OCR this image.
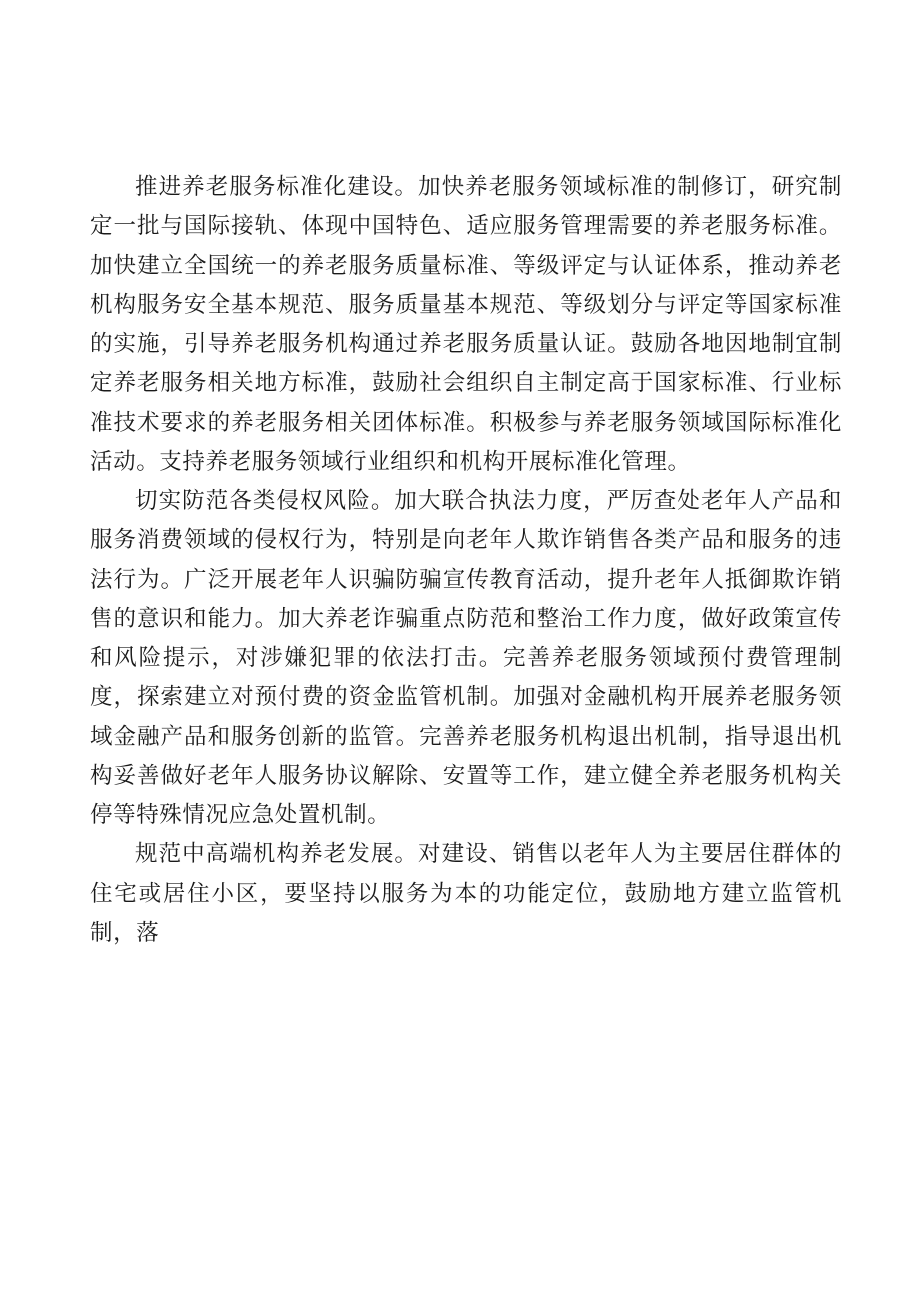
推进养老服务标准化建设。加快养老服务领域标准的制修订，研究制定一批与国际接轨、体现中国特色、适应服务管理需要的养老服务标准。加快建立全国统一的养老服务质量标准、等级评定与认证体系，推动养老机构服务安全基本规范、服务质量基本规范、等级划分与评定等国家标准的实施，引导养老服务机构通过养老服务质量认证。鼓励各地因地制宜制定养老服务相关地方标准，鼓励社会组织自主制定高于国家标准、行业标准技术要求的养老服务相关团体标准。积极参与养老服务领域国际标准化活动。支持养老服务领域行业组织和机构开展标准化管理。

切实防范各类侵权风险。加大联合执法力度，严厉查处老年人产品和服务消费领域的侵权行为，特别是向老年人欺诈销售各类产品和服务的违法行为。广泛开展老年人识骗防骗宣传教育活动，提升老年人抵御欺诈销售的意识和能力。加大养老诈骗重点防范和整治工作力度，做好政策宣传和风险提示，对涉嫌犯罪的依法打击。完善养老服务领域预付费管理制度，探索建立对预付费的资金监管机制。加强对金融机构开展养老服务领域金融产品和服务创新的监管。完善养老服务机构退出机制，指导退出机构妥善做好老年人服务协议解除、安置等工作，建立健全养老服务机构关停等特殊情况应急处置机制。

规范中高端机构养老发展。对建设、销售以老年人为主要居住群体的住宅或居住小区，要坚持以服务为本的功能定位，鼓励地方建立监管机制，落
